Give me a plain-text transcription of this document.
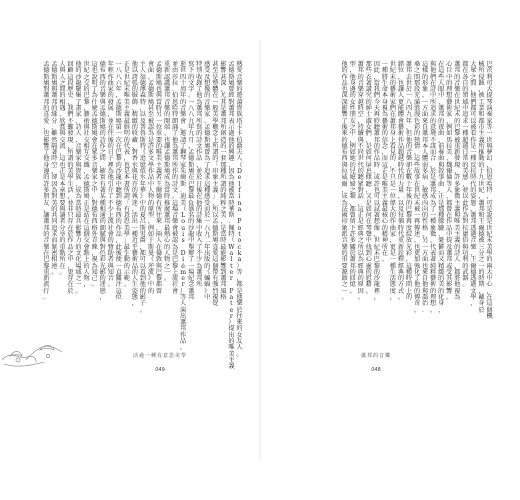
熱
愛
音
樂
的
遊
蕩
貴
族
塔
卡
卡
伯
爵
夫
人
（
D
e
l
f
i
n
a
P
o
t
o
c
k
a
）
等
，
都
是
他
樂
於
往
來
的
女
友
人
。
孟
德
斯
鳩
曾
經
對
蕭
邦
表
示
過
他
的
興
趣
，
因
為
他
被
當
時
華
斯
．
佩
特
（
W
a
l
t
e
r
P
a
t
e
r
）
提
出
的
唯
美
主
義
影
響
甚
深
，
尤
其
是
蕭
邦
所
創
造
的
一
套
那
種
所
謂
的
純
粹
之
美
，
是
當
時
最
能
影
響
到
蕭
邦
風
格
甚
至
是
整
體
在
一
般
美
學
概
念
上
所
謂
的
「
印
象
主
義
」
，
所
以
孟
德
斯
鳩
喜
愛
這
個
帶
有
強
烈
視
覺
感
受
及
想
像
的
音
樂
家
。
孟
德
斯
鳩
曾
為
了
追
求
這
種
感
受
而
於
一
八
九
二
年
出
版
的
《
蝙
蝠
》
中
特
別
收
錄
了
他
為
蕭
邦
所
寫
的
詩
文
作
品
，
並
於
日
後
在
他
的
詩
集
中
收
入
了
不
少
為
蕭
邦
所
寫
下
的
文
字
。
一
八
八
九
年
九
月
，
孟
德
斯
鳩
在
巴
黎
最
負
盛
名
的
沙
龍
中
舉
辦
了
一
場
紀
念
蕭
邦
逝
世
四
十
周
年
的
音
樂
會
，
邀
請
了
鋼
琴
家
朱
爾
斯
．
迪
美
（
L
o
u
i
s
D
i
é
m
e
r
）
等
人
演
出
蕭
邦
作
品
，
並
由
莎
拉
．
伯
恩
哈
特
朗
誦
了
他
為
蕭
邦
所
作
的
詩
文
。
這
場
音
樂
會
被
認
為
是
巴
黎
上
流
社
會
重
新
認
識
蕭
邦
音
樂
的
開
端
，
也
讓
孟
德
斯
鳩
成
為
當
時
推
廣
蕭
邦
最
熱
心
的
人
物
之
一
。
孟
德
斯
鳩
也
與
當
時
另
一
位
重
要
的
唯
美
主
義
者
王
爾
德
有
所
往
來
，
兩
人
在
倫
敦
與
巴
黎
都
曾
會
面
。
孟
德
斯
鳩
甚
至
被
認
為
是
許
多
文
學
作
品
中
人
物
的
原
型
，
例
如
于
斯
曼
《
逆
流
》
中
的
主
人
翁
德
澤
森
特
，
以
及
普
魯
斯
特
《
追
憶
似
水
年
華
》
中
的
夏
呂
斯
男
爵
，
都
可
以
看
到
他
的
影
子
。
他
以
誇
張
的
服
飾
、
精
緻
的
收
藏
、
對
香
水
與
花
卉
的
執
迷
，
活
出
一
種
近
乎
藝
術
品
的
人
生
姿
態
，
正
是
世
紀
末
唯
美
主
義
最
鮮
明
的
代
表
，
也
是
本
書
所
謂
「
有
意
思
美
學
」
最
生
動
的
示
範
。
一
八
八
六
年
，
孟
德
斯
鳩
第
一
次
在
巴
黎
的
沙
龍
中
聽
到
德
布
西
的
作
品
，
此
後
便
一
直
關
注
這
位
年
輕
作
曲
家
的
發
展
，
並
在
往
後
的
日
子
裡
為
他
引
介
了
不
少
上
流
社
會
的
贊
助
者
與
知
音
。
德
布
西
的
音
樂
與
孟
德
斯
鳩
的
詩
作
之
間
，
確
實
有
著
某
種
相
通
的
細
膩
與
對
色
彩
光
影
的
迷
戀
，
這
也
說
明
了
為
什
麼
孟
德
斯
鳩
會
在
眾
多
音
樂
家
之
中
，
對
德
布
西
格
外
青
睞
，
視
為
知
己
。
世
紀
之
交
的
巴
黎
，
藝
術
與
社
交
相
互
交
織
，
孟
德
斯
鳩
正
是
站
在
這
個
交
會
點
上
的
人
物
，
他
的
沙
龍
聚
集
了
畫
家
、
詩
人
、
音
樂
家
與
貴
族
，
成
為
當
時
最
具
影
響
力
的
文
化
場
域
之
一
。
回
顧
這
段
歷
史
，
我
們
不
難
發
現
，
所
謂
的
美
學
生
活
，
並
非
只
存
在
於
作
品
之
中
，
更
存
在
於
人
與
人
之
間
的
相
遇
、
欣
賞
與
交
流
，
這
也
正
是
本
章
想
要
與
讀
者
分
享
的
重
點
所
在
。
孟
德
斯
鳩
與
蕭
邦
的
緣
分
，
雖
然
隔
著
時
空
，
卻
因
為
對
美
的
共
同
追
求
而
緊
密
相
連
。
孟
德
斯
鳩
對
蕭
邦
的
喜
愛
，
也
影
響
了
他
身
邊
的
許
多
朋
友
，
讓
蕭
邦
的
音
樂
在
巴
黎
重
新
流
行
。
活過一種有意思美學
049
巴
茨
利
可
大
提
琴
演
奏
家
等
一
世
與
夢
幻
，
伯
恩
哈
特
，
可
是
說
是
世
紀
末
美
學
的
兩
大
中
心
，
在
這
個
機
械
所
侵
蝕
，
被
工
業
和
都
市
主
義
所
推
動
的
十
九
世
紀
，
蕭
邦
和
王
爾
德
被
三
分
之
一
的
時
期
，
藏
身
於
大
眾
之
間
，
他
們
都
可
以
被
看
作
是
一
種
反
抗
時
代
的
姿
態
，
蕭
邦
透
過
音
樂
，
王
爾
德
透
過
文
學
，
都
在
各
自
的
領
域
中
追
求
一
種
超
越
日
常
的
美
感
，
並
以
此
作
為
對
抗
庸
俗
與
功
利
的
武
器
。
蕭
邦
的
音
樂
在
世
紀
末
的
巴
黎
被
重
新
發
現
，
許
多
象
徵
主
義
與
唯
美
主
義
的
詩
人
，
都
將
他
視
為
心
目
中
的
理
想
藝
術
家
，
例
如
馬
拉
美
、
魏
爾
倫
等
人
，
都
曾
在
作
品
中
提
及
蕭
邦
或
受
其
影
響
。
在
這
些
人
眼
中
，
蕭
邦
的
夜
曲
、
前
奏
曲
與
敘
事
曲
，
正
是
那
種
朦
朧
、
憂
鬱
而
又
精
緻
的
美
的
化
身
，
與
他
們
在
詩
中
所
追
求
的
意
境
不
謀
而
合
，
於
是
蕭
邦
成
為
了
一
種
象
徵
，
代
表
著
純
粹
藝
術
的
理
想
。
這
樣
的
形
象
，
一
方
面
來
自
蕭
邦
本
人
體
弱
多
病
、
敏
感
內
向
的
性
格
，
另
一
方
面
也
來
自
他
與
喬
治
．
桑
之
間
那
段
充
滿
浪
漫
色
彩
的
戀
情
，
這
些
故
事
在
世
紀
末
被
一
再
傳
述
，
也
更
加
強
化
了
他
的
傳
奇
。
蕭
邦
去
世
於
一
八
四
九
年
，
但
他
的
音
樂
卻
在
數
十
年
後
的
巴
黎
再
度
綻
放
光
彩
，
這
種
時
間
上
的
錯
位
，
也
讓
人
更
能
體
會
藝
術
作
品
超
越
時
代
的
力
量
，
以
及
每
個
時
代
重
新
詮
釋
經
典
的
方
式
。
世
紀
末
的
藝
術
家
們
在
蕭
邦
身
上
看
見
的
，
不
只
是
一
位
偉
大
的
作
曲
家
，
更
是
一
種
生
活
態
度
，
一
種
將
生
命
本
身
視
為
藝
術
的
信
念
，
而
這
正
是
唯
美
主
義
最
核
心
的
精
神
所
在
。
因
此
，
當
我
們
今
天
再
聆
聽
蕭
邦
的
作
品
時
，
或
許
也
可
以
試
著
想
像
，
世
紀
末
巴
黎
的
沙
龍
裡
，
那
些
衣
著
講
究
的
紳
士
淑
女
們
，
是
如
何
屏
息
傾
聽
，
又
是
如
何
在
琴
聲
中
找
到
心
靈
的
慰
藉
。
蕭
邦
的
音
樂
穿
越
時
空
，
持
續
與
不
同
世
代
的
聽
眾
對
話
，
這
正
是
經
典
之
所
以
為
經
典
的
原
因
。
型
，
他
身
邊
的
女
性
朋
友
之
中
，
例
如
她
的
兒
媳
婦
之
類
，
都
曾
留
下
許
多
關
於
蕭
邦
的
回
憶
。
他
的
作
品
也
深
深
影
響
了
後
來
的
德
布
西
與
拉
威
爾
，
成
為
法
國
印
象
派
音
樂
的
重
要
源
頭
之
一
。
蕭邦的音樂
048
